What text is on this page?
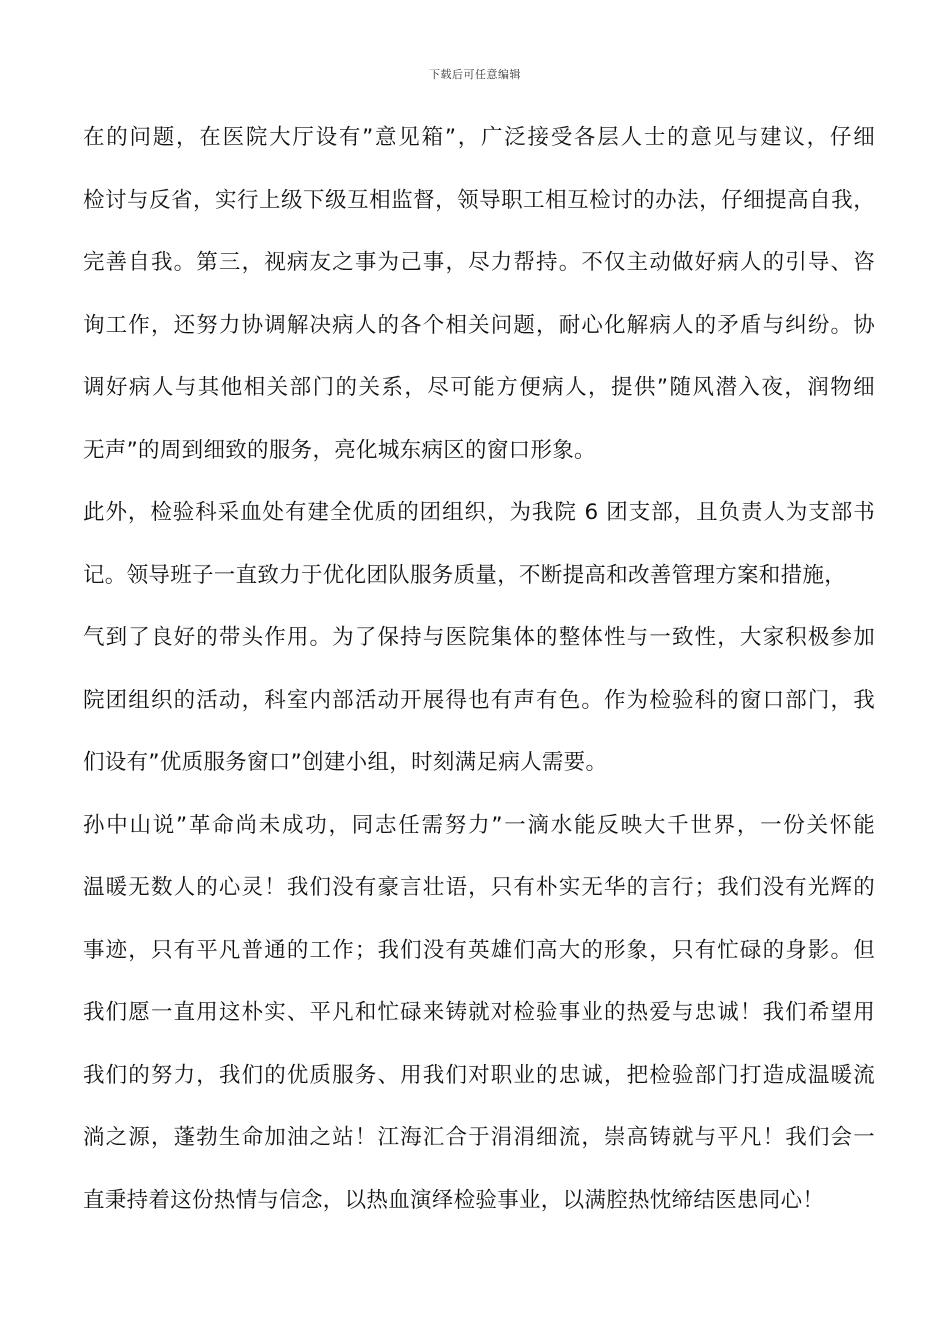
下载后可任意编辑
在的问题，在医院大厅设有”意见箱”，广泛接受各层人士的意见与建议，仔细
检讨与反省，实行上级下级互相监督，领导职工相互检讨的办法，仔细提高自我，
完善自我。第三，视病友之事为己事，尽力帮持。不仅主动做好病人的引导、咨
询工作，还努力协调解决病人的各个相关问题，耐心化解病人的矛盾与纠纷。协
调好病人与其他相关部门的关系，尽可能方便病人，提供”随风潜入夜，润物细
无声”的周到细致的服务，亮化城东病区的窗口形象。
此外，检验科采血处有建全优质的团组织，为我院 6 团支部，且负责人为支部书
记。领导班子一直致力于优化团队服务质量，不断提高和改善管理方案和措施，
气到了良好的带头作用。为了保持与医院集体的整体性与一致性，大家积极参加
院团组织的活动，科室内部活动开展得也有声有色。作为检验科的窗口部门，我
们设有”优质服务窗口”创建小组，时刻满足病人需要。
孙中山说”革命尚未成功，同志任需努力”一滴水能反映大千世界，一份关怀能
温暖无数人的心灵！我们没有豪言壮语，只有朴实无华的言行；我们没有光辉的
事迹，只有平凡普通的工作；我们没有英雄们高大的形象，只有忙碌的身影。但
我们愿一直用这朴实、平凡和忙碌来铸就对检验事业的热爱与忠诚！我们希望用
我们的努力，我们的优质服务、用我们对职业的忠诚，把检验部门打造成温暖流
淌之源，蓬勃生命加油之站！江海汇合于涓涓细流，崇高铸就与平凡！我们会一
直秉持着这份热情与信念，以热血演绎检验事业，以满腔热忱缔结医患同心！
